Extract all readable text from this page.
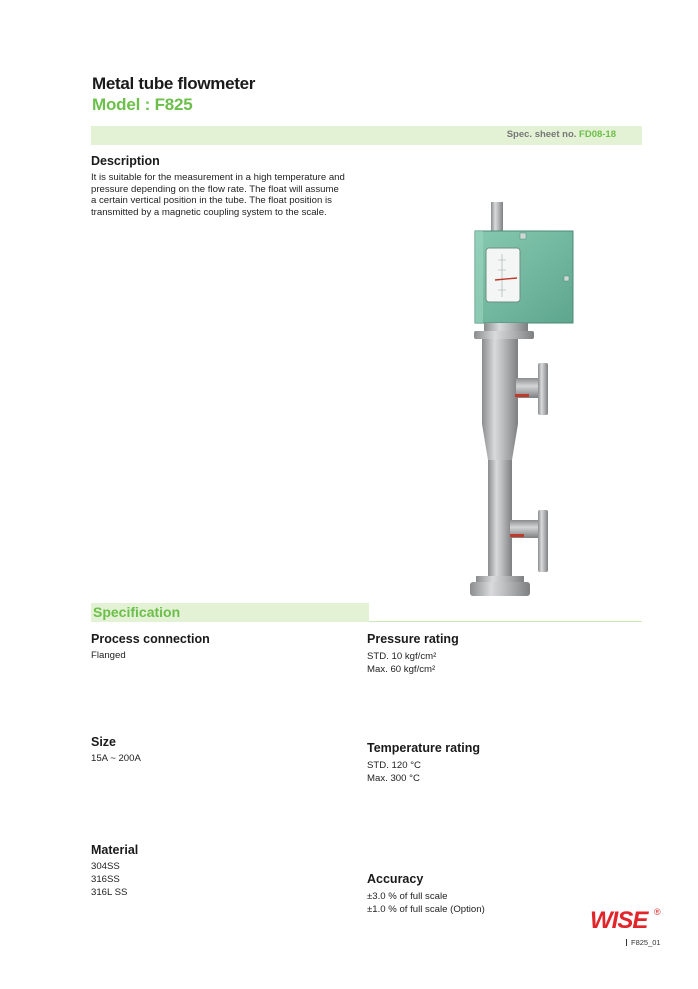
Metal tube flowmeter
Model : F825
Spec. sheet no. FD08-18
Description
It is suitable for the measurement in a high temperature and
pressure depending on the flow rate. The float will assume
a certain vertical position in the tube. The float position is
transmitted by a magnetic coupling system to the scale.
Specification
Process connection
Flanged
Size
15A ~ 200A
Material
304SS
316SS
316L SS
Pressure rating
STD. 10 kgf/cm²
Max. 60 kgf/cm²
Temperature rating
STD. 120 °C
Max. 300 °C
Accuracy
±3.0 % of full scale
±1.0 % of full scale (Option)	WISE ®
F825_01
